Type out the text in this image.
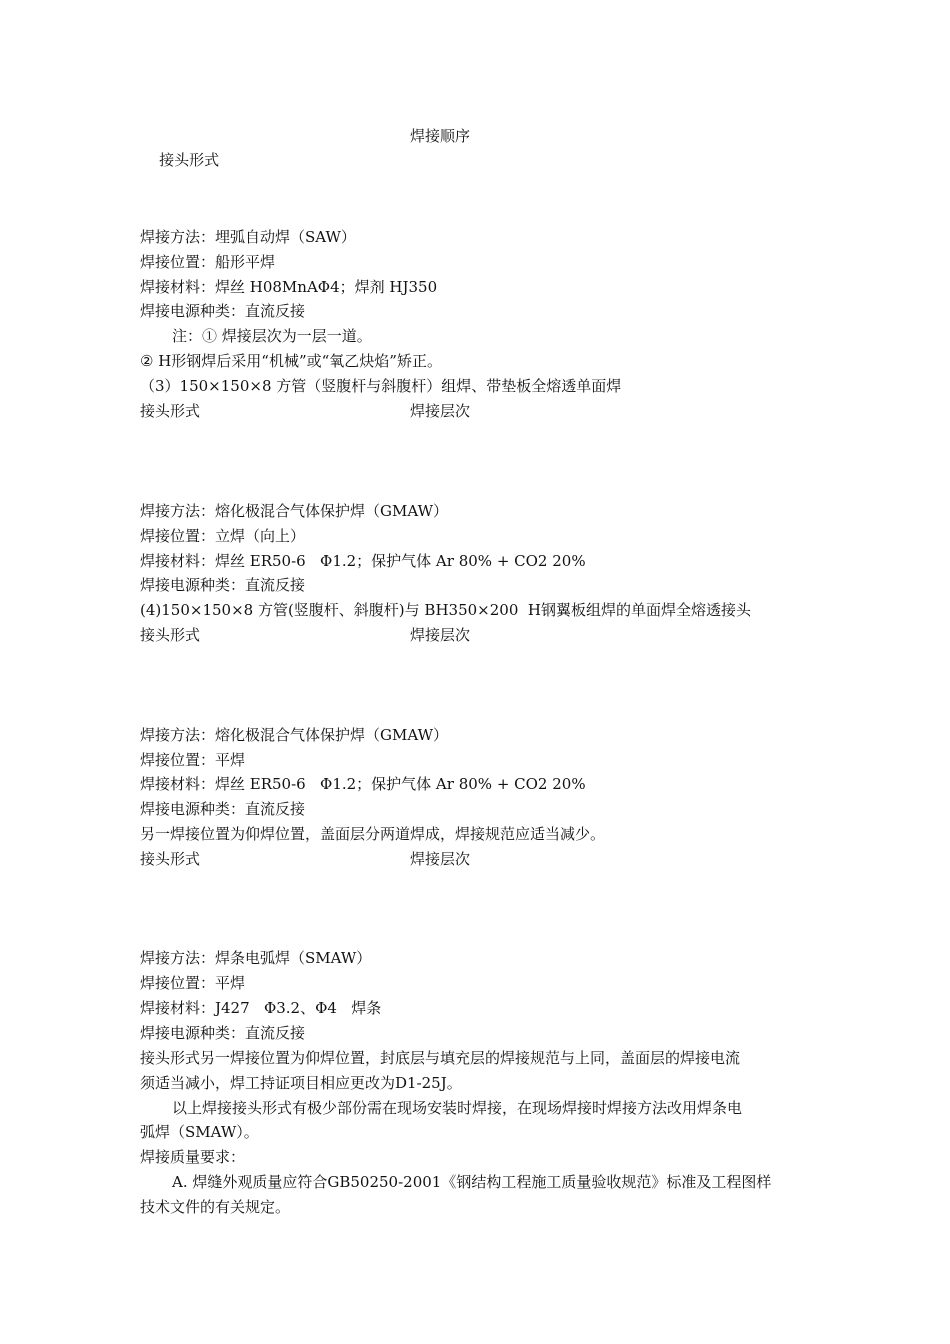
接头形式

焊接顺序
焊接方法：埋弧自动焊（SAW）
焊接位置：船形平焊
焊接材料：焊丝 H08MnAΦ4；焊剂 HJ350
焊接电源种类：直流反接
注：① 焊接层次为一层一道。
② H形钢焊后采用“机械”或“氧乙炔焰”矫正。
（3）150×150×8 方管（竖腹杆与斜腹杆）组焊、带垫板全熔透单面焊
接头形式	焊接层次
焊接方法：熔化极混合气体保护焊（GMAW）
焊接位置：立焊（向上）
焊接材料：焊丝 ER50-6   Φ1.2；保护气体 Ar 80% + CO2 20%
焊接电源种类：直流反接
(4)150×150×8 方管(竖腹杆、斜腹杆)与 BH350×200  H钢翼板组焊的单面焊全熔透接头
接头形式	焊接层次
焊接方法：熔化极混合气体保护焊（GMAW）
焊接位置：平焊
焊接材料：焊丝 ER50-6   Φ1.2；保护气体 Ar 80% + CO2 20%
焊接电源种类：直流反接
另一焊接位置为仰焊位置，盖面层分两道焊成，焊接规范应适当减少。
接头形式	焊接层次
焊接方法：焊条电弧焊（SMAW）
焊接位置：平焊
焊接材料：J427   Φ3.2、Φ4   焊条
焊接电源种类：直流反接
接头形式另一焊接位置为仰焊位置，封底层与填充层的焊接规范与上同，盖面层的焊接电流
须适当减小，焊工持证项目相应更改为D1-25J。
以上焊接接头形式有极少部份需在现场安装时焊接，在现场焊接时焊接方法改用焊条电
弧焊（SMAW）。
焊接质量要求：
A. 焊缝外观质量应符合GB50250-2001《钢结构工程施工质量验收规范》标准及工程图样
技术文件的有关规定。
